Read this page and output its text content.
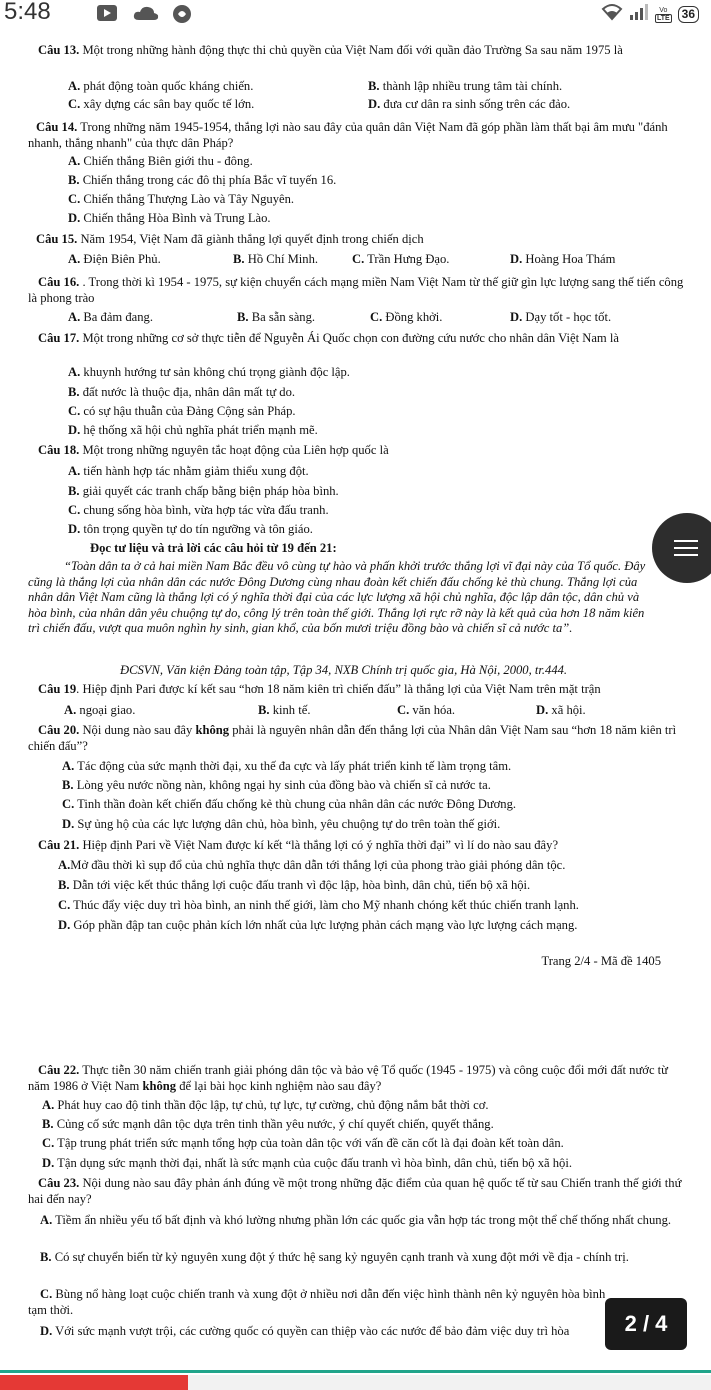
5:48	Vo
LTE	36
Câu 13. Một trong những hành động thực thi chủ quyền của Việt Nam đối với quần đảo Trường Sa sau năm 1975 là
A. phát động toàn quốc kháng chiến.	B. thành lập nhiều trung tâm tài chính.
C. xây dựng các sân bay quốc tế lớn.	D. đưa cư dân ra sinh sống trên các đảo.
Câu 14. Trong những năm 1945-1954, thắng lợi nào sau đây của quân dân Việt Nam đã góp phần làm thất bại âm mưu "đánh nhanh, thắng nhanh" của thực dân Pháp?
A. Chiến thắng Biên giới thu - đông.
B. Chiến thắng trong các đô thị phía Bắc vĩ tuyến 16.
C. Chiến thắng Thượng Lào và Tây Nguyên.
D. Chiến thắng Hòa Bình và Trung Lào.
Câu 15. Năm 1954, Việt Nam đã giành thắng lợi quyết định trong chiến dịch
A. Điện Biên Phủ.	B. Hồ Chí Minh.	C. Trần Hưng Đạo.	D. Hoàng Hoa Thám
Câu 16. . Trong thời kì 1954 - 1975, sự kiện chuyển cách mạng miền Nam Việt Nam từ thế giữ gìn lực lượng sang thế tiến công là phong trào
A. Ba đảm đang.	B. Ba sẵn sàng.	C. Đồng khởi.	D. Dạy tốt - học tốt.
Câu 17. Một trong những cơ sở thực tiễn để Nguyễn Ái Quốc chọn con đường cứu nước cho nhân dân Việt Nam là
A. khuynh hướng tư sản không chú trọng giành độc lập.
B. đất nước là thuộc địa, nhân dân mất tự do.
C. có sự hậu thuẫn của Đảng Cộng sản Pháp.
D. hệ thống xã hội chủ nghĩa phát triển mạnh mẽ.
Câu 18. Một trong những nguyên tắc hoạt động của Liên hợp quốc là
A. tiến hành hợp tác nhằm giảm thiểu xung đột.
B. giải quyết các tranh chấp bằng biện pháp hòa bình.
C. chung sống hòa bình, vừa hợp tác vừa đấu tranh.
D. tôn trọng quyền tự do tín ngưỡng và tôn giáo.
Đọc tư liệu và trả lời các câu hỏi từ 19 đến 21:
“Toàn dân ta ở cả hai miền Nam Bắc đều vô cùng tự hào và phấn khởi trước thắng lợi vĩ đại này của Tổ quốc. Đây cũng là thắng lợi của nhân dân các nước Đông Dương cùng nhau đoàn kết chiến đấu chống kẻ thù chung. Thắng lợi của nhân dân Việt Nam cũng là thắng lợi có ý nghĩa thời đại của các lực lượng xã hội chủ nghĩa, độc lập dân tộc, dân chủ và hòa bình, của nhân dân yêu chuộng tự do, công lý trên toàn thế giới. Thắng lợi rực rỡ này là kết quả của hơn 18 năm kiên trì chiến đấu, vượt qua muôn nghìn hy sinh, gian khổ, của bốn mươi triệu đồng bào và chiến sĩ cả nước ta”.
ĐCSVN, Văn kiện Đảng toàn tập, Tập 34, NXB Chính trị quốc gia, Hà Nội, 2000, tr.444.
Câu 19. Hiệp định Pari được kí kết sau “hơn 18 năm kiên trì chiến đấu” là thắng lợi của Việt Nam trên mặt trận
A. ngoại giao.	B. kinh tế.	C. văn hóa.	D. xã hội.
Câu 20. Nội dung nào sau đây không phải là nguyên nhân dẫn đến thắng lợi của Nhân dân Việt Nam sau “hơn 18 năm kiên trì chiến đấu”?
A. Tác động của sức mạnh thời đại, xu thế đa cực và lấy phát triển kinh tế làm trọng tâm.
B. Lòng yêu nước nồng nàn, không ngại hy sinh của đồng bào và chiến sĩ cả nước ta.
C. Tinh thần đoàn kết chiến đấu chống kẻ thù chung của nhân dân các nước Đông Dương.
D. Sự ủng hộ của các lực lượng dân chủ, hòa bình, yêu chuộng tự do trên toàn thế giới.
Câu 21. Hiệp định Pari về Việt Nam được kí kết “là thắng lợi có ý nghĩa thời đại” vì lí do nào sau đây?
A.Mở đầu thời kì sụp đổ của chủ nghĩa thực dân dẫn tới thắng lợi của phong trào giải phóng dân tộc.
B. Dẫn tới việc kết thúc thắng lợi cuộc đấu tranh vì độc lập, hòa bình, dân chủ, tiến bộ xã hội.
C. Thúc đẩy việc duy trì hòa bình, an ninh thế giới, làm cho Mỹ nhanh chóng kết thúc chiến tranh lạnh.
D. Góp phần đập tan cuộc phản kích lớn nhất của lực lượng phản cách mạng vào lực lượng cách mạng.
Trang 2/4 - Mã đề 1405
Câu 22. Thực tiễn 30 năm chiến tranh giải phóng dân tộc và bảo vệ Tổ quốc (1945 - 1975) và công cuộc đổi mới đất nước từ năm 1986 ở Việt Nam không để lại bài học kinh nghiệm nào sau đây?
A. Phát huy cao độ tinh thần độc lập, tự chủ, tự lực, tự cường, chủ động nắm bắt thời cơ.
B. Củng cố sức mạnh dân tộc dựa trên tinh thần yêu nước, ý chí quyết chiến, quyết thắng.
C. Tập trung phát triển sức mạnh tổng hợp của toàn dân tộc với vấn đề căn cốt là đại đoàn kết toàn dân.
D. Tận dụng sức mạnh thời đại, nhất là sức mạnh của cuộc đấu tranh vì hòa bình, dân chủ, tiến bộ xã hội.
Câu 23. Nội dung nào sau đây phản ánh đúng về một trong những đặc điểm của quan hệ quốc tế từ sau Chiến tranh thế giới thứ hai đến nay?
A. Tiềm ẩn nhiều yếu tố bất định và khó lường nhưng phần lớn các quốc gia vẫn hợp tác trong một thể chế thống nhất chung.
B. Có sự chuyển biến từ kỷ nguyên xung đột ý thức hệ sang kỷ nguyên cạnh tranh và xung đột mới về địa - chính trị.
C. Bùng nổ hàng loạt cuộc chiến tranh và xung đột ở nhiều nơi dẫn đến việc hình thành nên kỷ nguyên hòa bình tạm thời.
D. Với sức mạnh vượt trội, các cường quốc có quyền can thiệp vào các nước để bảo đảm việc duy trì hòa	2 / 4
